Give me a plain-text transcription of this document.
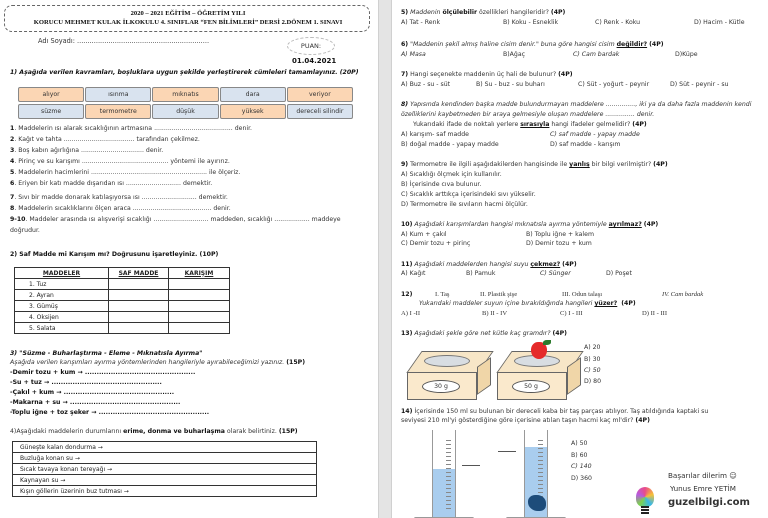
2020 – 2021 EĞİTİM – ÖĞRETİM YILI
KORUCU MEHMET KULAK İLKOKULU 4. SINIFLAR “FEN BİLİMLERİ” DERSİ 2.DÖNEM 1. SINAVI
Adı Soyadı: ...............................................................
PUAN:
01.04.2021
1) Aşağıda verilen kavramları, boşluklara uygun şekilde yerleştirerek cümleleri tamamlayınız. (20P)
alıyor	ısınma	mıknatıs	dara	veriyor
süzme	termometre	düşük	yüksek	dereceli silindir
1. Maddelerin ısı alarak sıcaklığının artmasına ........................................ denir.
2. Kağıt ve tahta .................................... tarafından çekilmez.
3. Boş kabın ağırlığına ................................ denir.
4. Pirinç ve su karışımı ............................................ yöntemi ile ayırırız.
5. Maddelerin hacimlerini ........................................................... ile ölçeriz.
6. Eriyen bir katı madde dışarıdan ısı ............................ demektir.
7. Sıvı bir madde donarak katılaşıyorsa ısı ............................ demektir.
8. Maddelerin sıcaklıklarını ölçen araca ........................................ denir.
9-10. Maddeler arasında ısı alışverişi sıcaklığı ............................ maddeden, sıcaklığı .................. maddeye
doğrudur.
2) Saf Madde mi Karışım mı? Doğrusunu işaretleyiniz. (10P)
MADDELER	SAF MADDE	KARIŞIM
1. Tuz		
2. Ayran		
3. Gümüş		
4. Oksijen		
5. Salata		
3) "Süzme - Buharlaştırma - Eleme - Mıknatısla Ayırma"
Aşağıda verilen karışımları ayırma yöntemlerinden hangileriyle ayırabileceğimizi yazınız. (15P)
-Demir tozu + kum → ...............................................
-Su + tuz → ...............................................
-Çakıl + kum → ...............................................
-Makarna + su → ...............................................
-Toplu iğne + toz şeker → ...............................................
4)Aşağıdaki maddelerin durumlarını erime, donma ve buharlaşma olarak belirtiniz. (15P)
Güneşte kalan dondurma →
Buzluğa konan su →
Sıcak tavaya konan tereyağı →
Kaynayan su →
Kışın göllerin üzerinin buz tutması →
5) Maddenin ölçülebilir özellikleri hangileridir? (4P)
A) Tat - Renk	B) Koku - Esneklik	C) Renk - Koku	D) Hacim - Kütle
6) "Maddenin şekil almış haline cisim denir." buna göre hangisi cisim değildir? (4P)
A) Masa	B)Ağaç	C) Cam bardak	D)Küpe
7) Hangi seçenekte maddenin üç hali de bulunur? (4P)
A) Buz - su - süt	B) Su - buz - su buharı	C) Süt - yoğurt - peynir	D) Süt - peynir - su
8) Yapısında kendinden başka madde bulundurmayan maddelere ..............., iki ya da daha fazla maddenin kendi
özelliklerini kaybetmeden bir araya gelmesiyle oluşan maddelere ............... denir.
Yukarıdaki ifade de noktalı yerlere sırasıyla hangi ifadeler gelmelidir? (4P)
A) karışım- saf madde	C) saf madde - yapay madde
B) doğal madde - yapay madde	D) saf madde - karışım
9) Termometre ile ilgili aşağıdakilerden hangisinde ile yanlış bir bilgi verilmiştir? (4P)
A) Sıcaklığı ölçmek için kullanılır.
B) İçerisinde cıva bulunur.
C) Sıcaklık arttıkça içerisindeki sıvı yükselir.
D) Termometre ile sıvıların hacmi ölçülür.
10) Aşağıdaki karışımlardan hangisi mıknatısla ayırma yöntemiyle ayrılmaz? (4P)
A) Kum + çakıl	B) Toplu iğne + kalem
C) Demir tozu + pirinç	D) Demir tozu + kum
11) Aşağıdaki maddelerden hangisi suyu çekmez? (4P)
A) Kağıt	B) Pamuk	C) Sünger	D) Poşet
12)	I. Taş	II. Plastik şişe	III. Odun talaşı	IV. Cam bardak
Yukarıdaki maddeler suyun içine bırakıldığında hangileri yüzer? (4P)
A) I -II	B) II - IV	C) I - III	D) II - III
13) Aşağıdaki şekle göre net kütle kaç gramdır? (4P)
30 g	50 g
A) 20
B) 30
C) 50
D) 80
14) İçerisinde 150 ml su bulunan bir dereceli kaba bir taş parçası atılıyor. Taş atıldığında kaptaki su
seviyesi 210 ml'yi gösterdiğine göre içerisine atılan taşın hacmi kaç ml'dir? (4P)
A) 50
B) 60
C) 140
D) 360	Başarılar dilerim ☺
Yunus Emre YETİM
guzelbilgi.com
